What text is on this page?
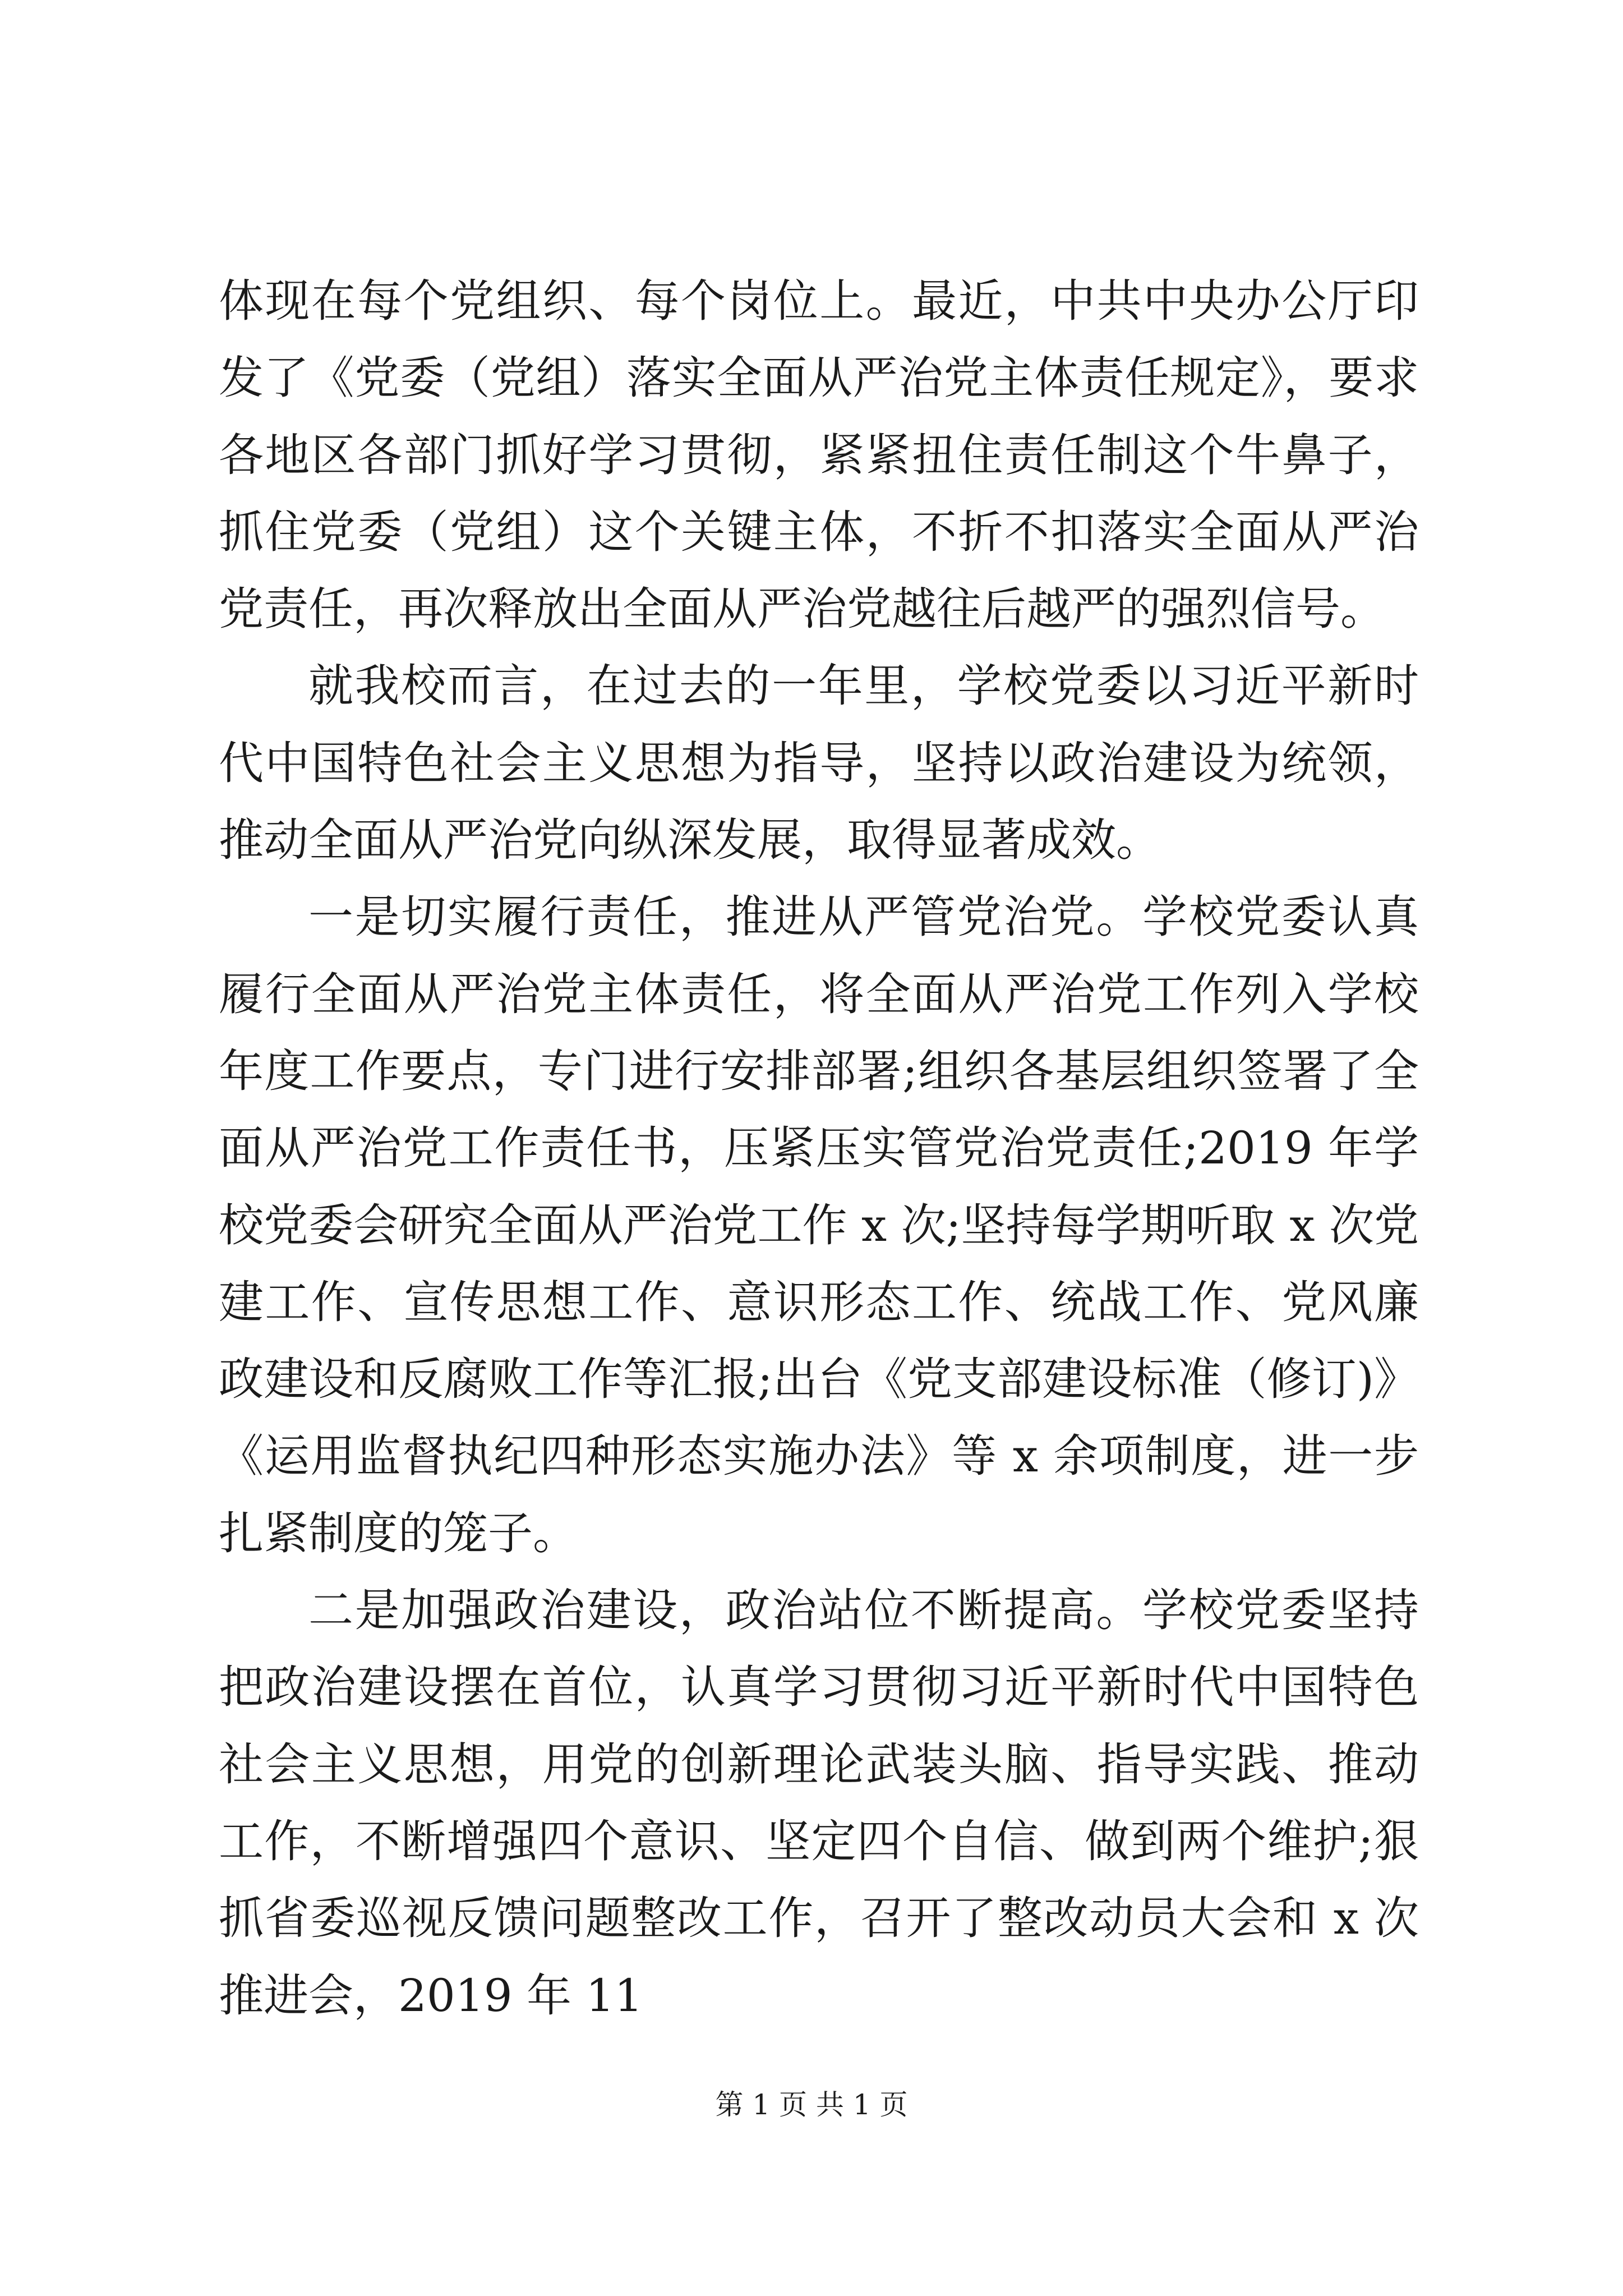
体现在每个党组织、每个岗位上。最近，中共中央办公厅印发了《党委（党组）落实全面从严治党主体责任规定》，要求各地区各部门抓好学习贯彻，紧紧扭住责任制这个牛鼻子，抓住党委（党组）这个关键主体，不折不扣落实全面从严治党责任，再次释放出全面从严治党越往后越严的强烈信号。

就我校而言，在过去的一年里，学校党委以习近平新时代中国特色社会主义思想为指导，坚持以政治建设为统领，推动全面从严治党向纵深发展，取得显著成效。

一是切实履行责任，推进从严管党治党。学校党委认真履行全面从严治党主体责任，将全面从严治党工作列入学校年度工作要点，专门进行安排部署;组织各基层组织签署了全面从严治党工作责任书，压紧压实管党治党责任;2019 年学校党委会研究全面从严治党工作 x 次;坚持每学期听取 x 次党建工作、宣传思想工作、意识形态工作、统战工作、党风廉政建设和反腐败工作等汇报;出台《党支部建设标准（修订)》《运用监督执纪四种形态实施办法》等 x 余项制度，进一步扎紧制度的笼子。

二是加强政治建设，政治站位不断提高。学校党委坚持把政治建设摆在首位，认真学习贯彻习近平新时代中国特色社会主义思想，用党的创新理论武装头脑、指导实践、推动工作，不断增强四个意识、坚定四个自信、做到两个维护;狠抓省委巡视反馈问题整改工作，召开了整改动员大会和 x 次推进会，2019 年 11

第 1 页 共 1 页
